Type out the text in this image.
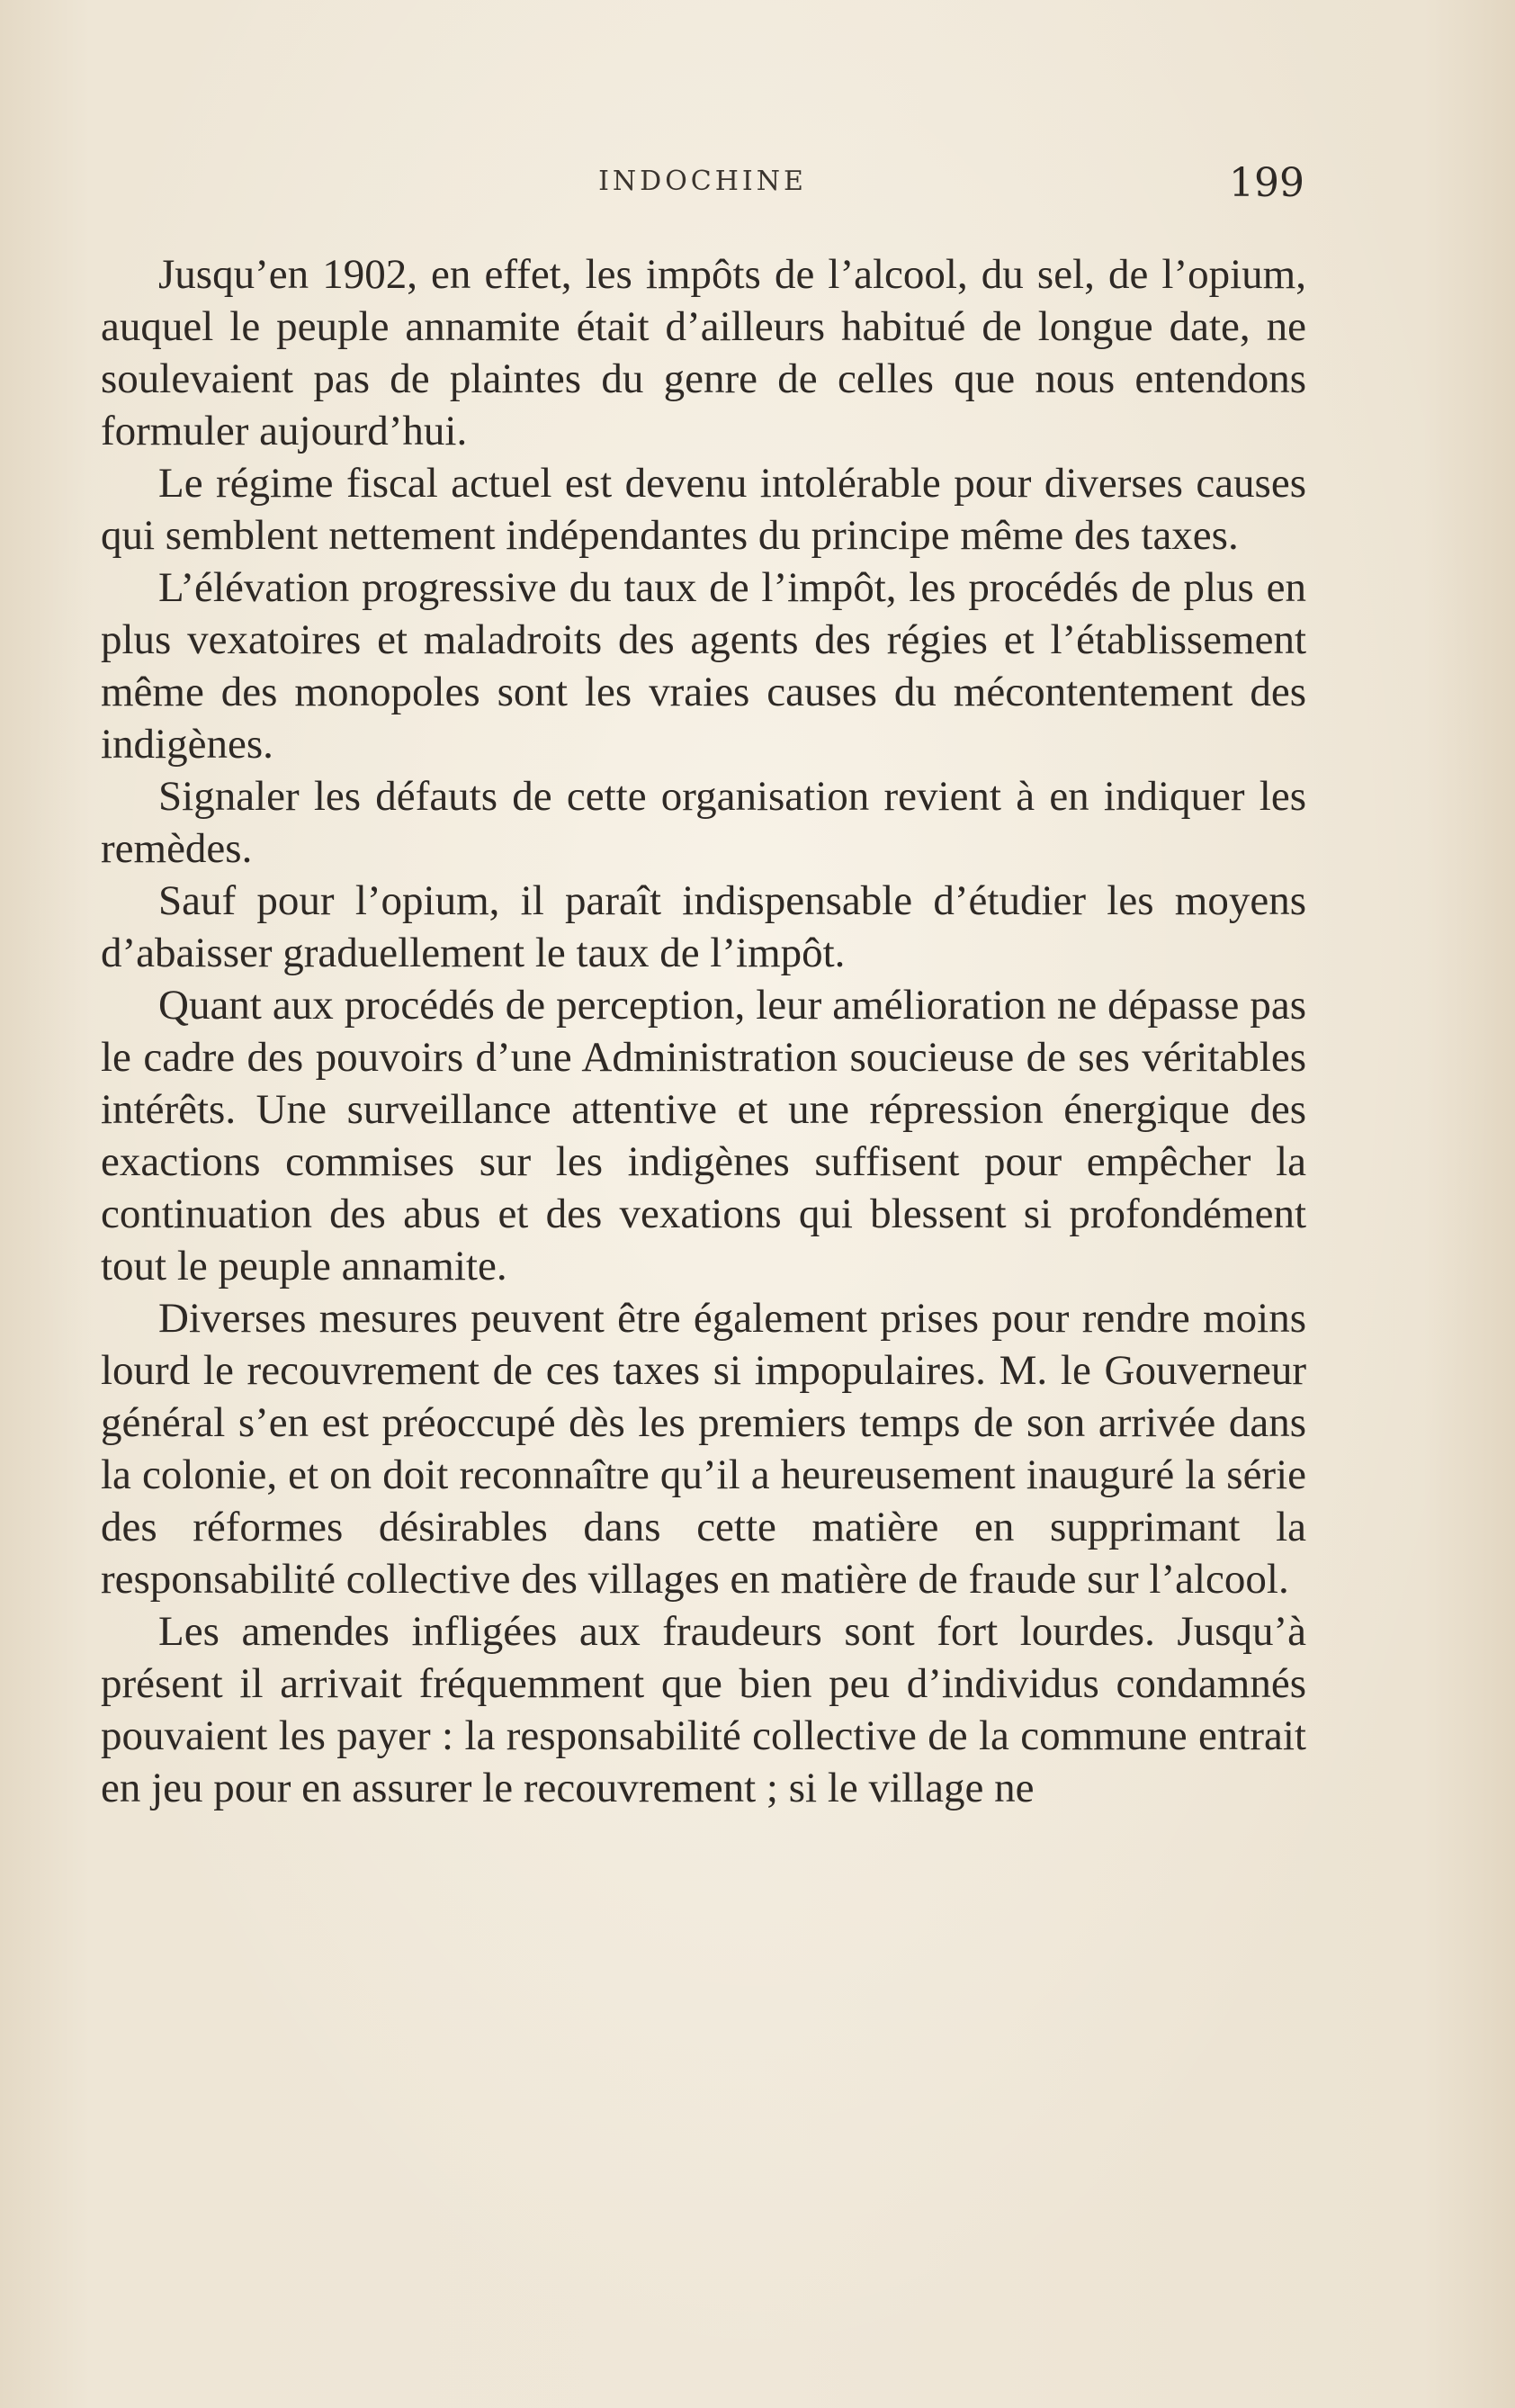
INDOCHINE	199

Jusqu’en 1902, en effet, les impôts de l’alcool, du sel, de l’opium, auquel le peuple annamite était d’ailleurs habitué de longue date, ne soulevaient pas de plaintes du genre de celles que nous entendons formuler aujourd’hui.

Le régime fiscal actuel est devenu intolérable pour diverses causes qui semblent nettement indépendantes du principe même des taxes.

L’élévation progressive du taux de l’impôt, les procédés de plus en plus vexatoires et maladroits des agents des régies et l’établissement même des monopoles sont les vraies causes du mécontentement des indigènes.

Signaler les défauts de cette organisation revient à en indiquer les remèdes.

Sauf pour l’opium, il paraît indispensable d’étudier les moyens d’abaisser graduellement le taux de l’impôt.

Quant aux procédés de perception, leur amélioration ne dépasse pas le cadre des pouvoirs d’une Administration soucieuse de ses véritables intérêts. Une surveillance attentive et une répression énergique des exactions commises sur les indigènes suffisent pour empêcher la continuation des abus et des vexations qui blessent si profondément tout le peuple annamite.

Diverses mesures peuvent être également prises pour rendre moins lourd le recouvrement de ces taxes si impopulaires. M. le Gouverneur général s’en est préoccupé dès les premiers temps de son arrivée dans la colonie, et on doit reconnaître qu’il a heureusement inauguré la série des réformes désirables dans cette matière en supprimant la responsabilité collective des villages en matière de fraude sur l’alcool.

Les amendes infligées aux fraudeurs sont fort lourdes. Jusqu’à présent il arrivait fréquemment que bien peu d’individus condamnés pouvaient les payer : la responsabilité collective de la commune entrait en jeu pour en assurer le recouvrement ; si le village ne
